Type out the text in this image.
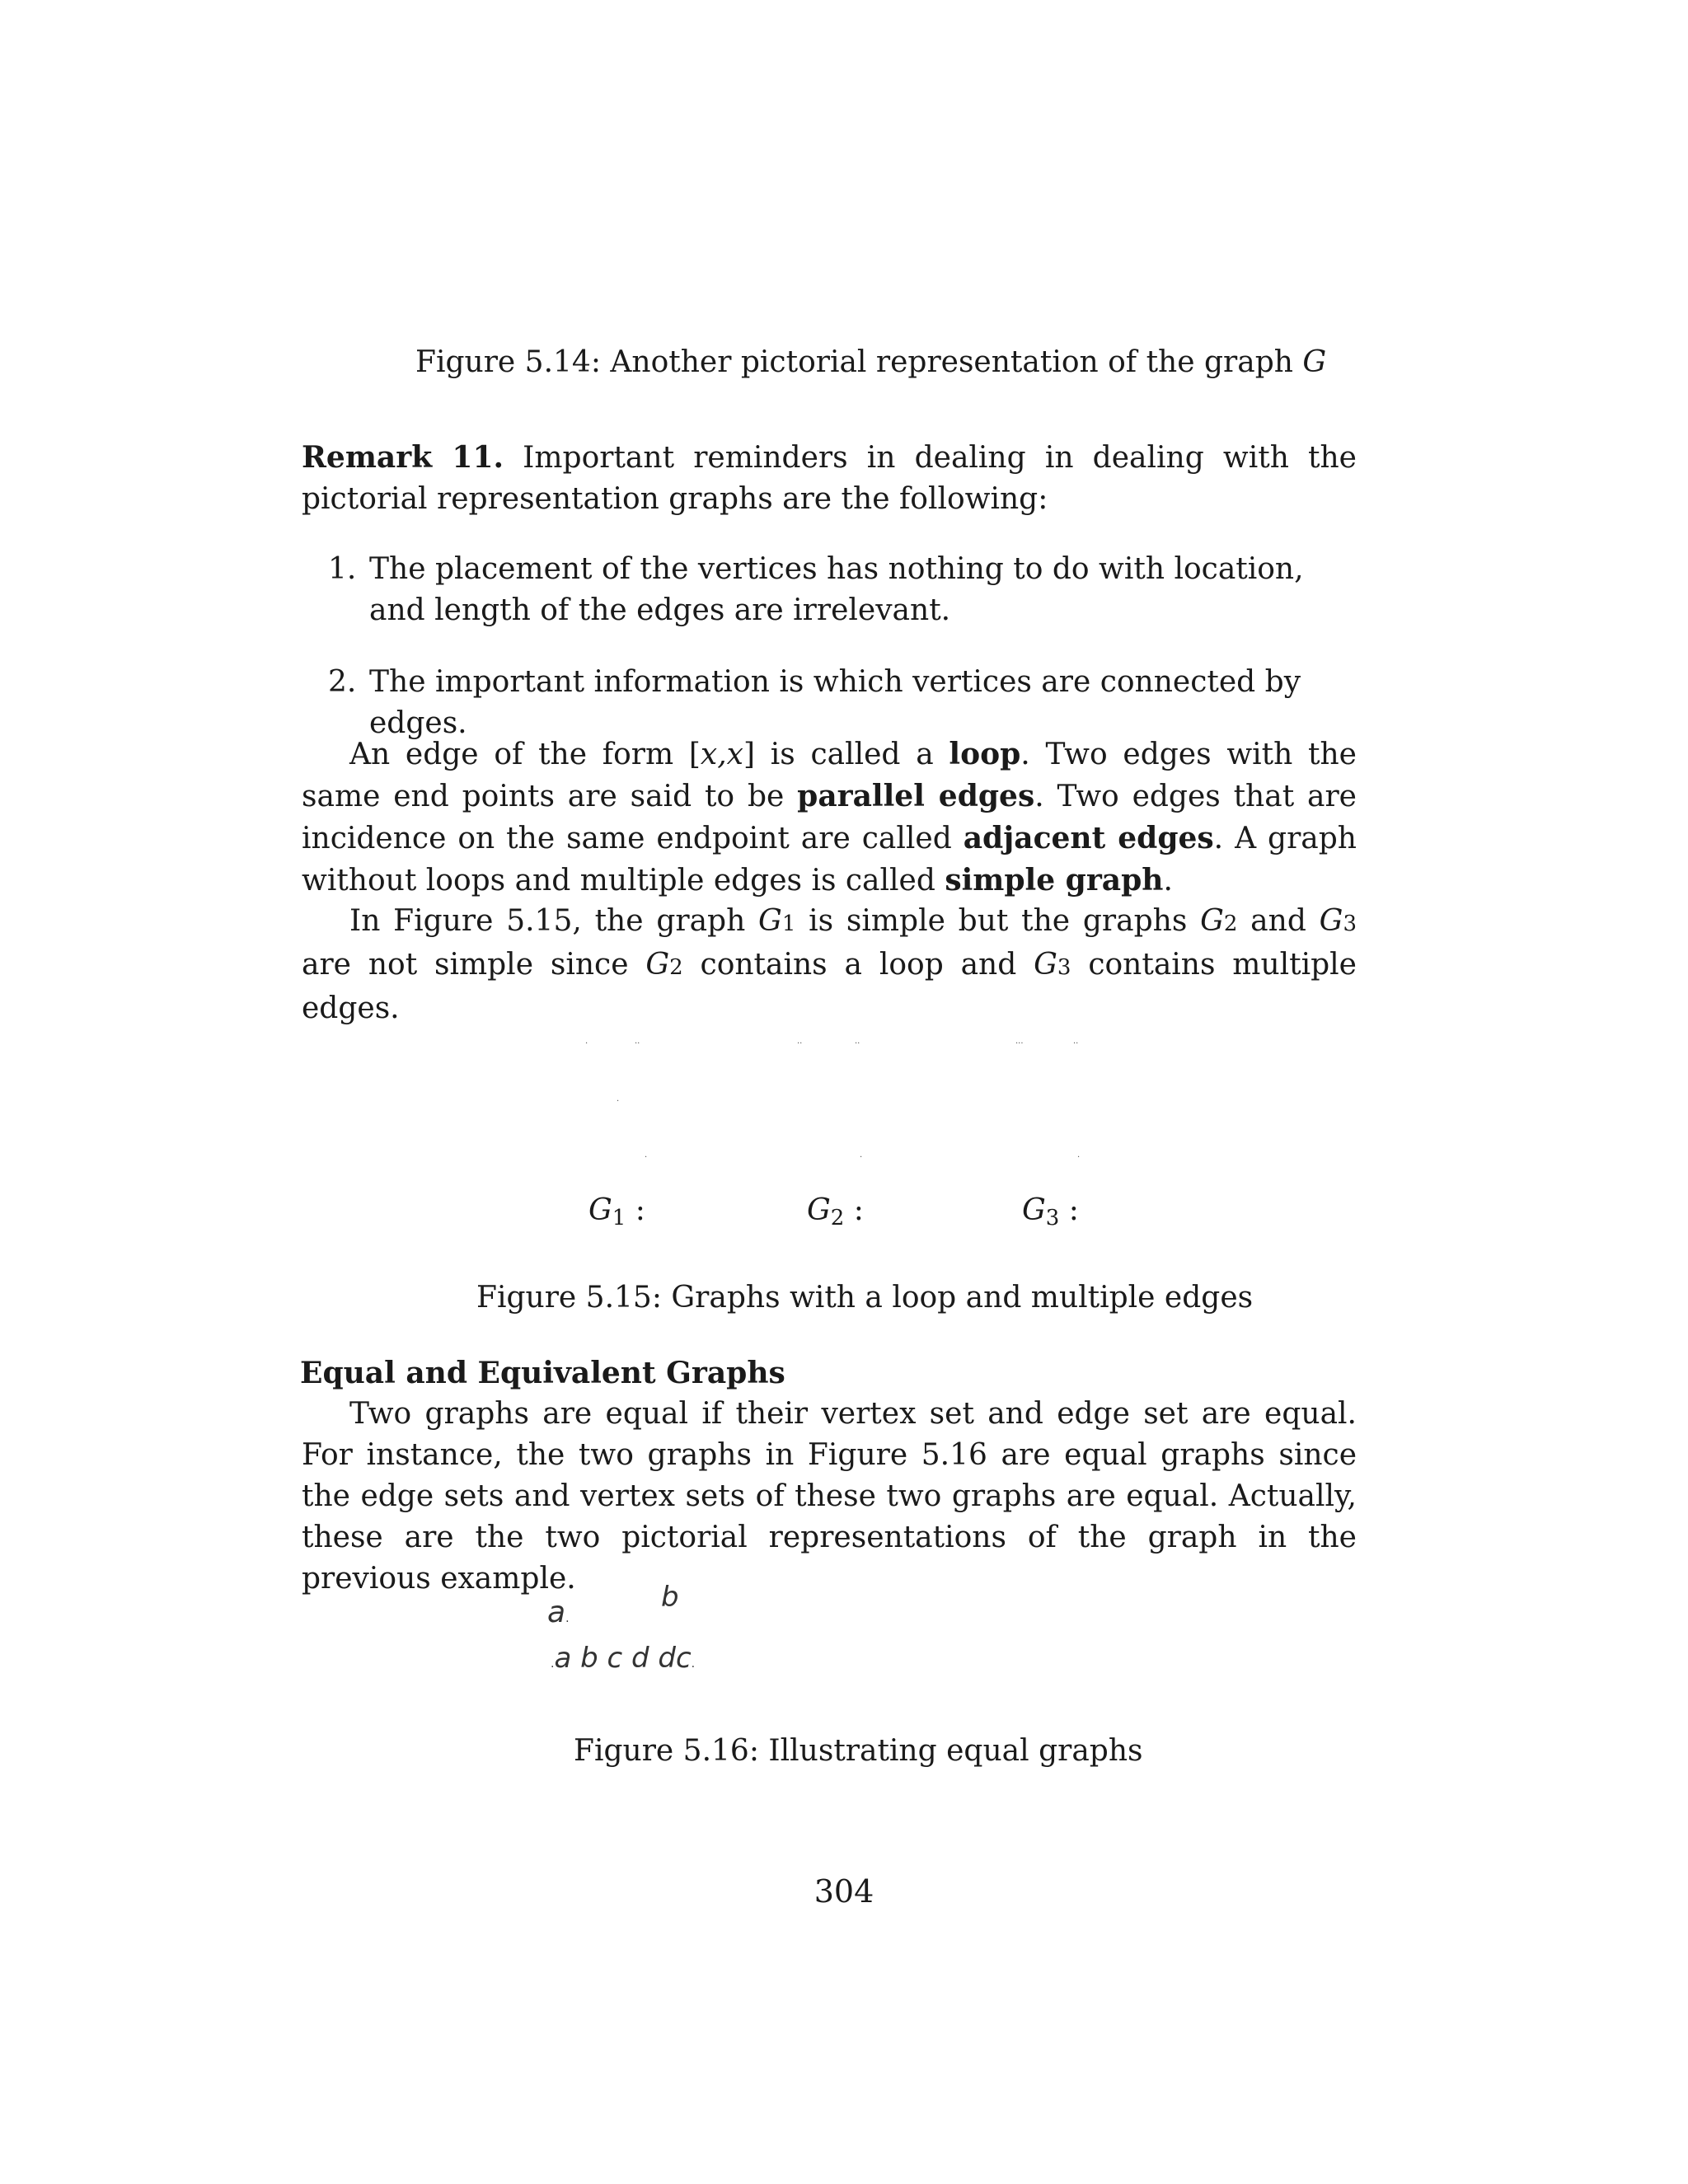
Figure 5.14: Another pictorial representation of the graph G
Remark 11. Important reminders in dealing in dealing with the pictorial representation graphs are the following:
1. The placement of the vertices has nothing to do with location, and length of the edges are irrelevant.
2. The important information is which vertices are connected by edges.
An edge of the form [x,x] is called a loop. Two edges with the same end points are said to be parallel edges. Two edges that are incidence on the same endpoint are called adjacent edges. A graph without loops and multiple edges is called simple graph.
In Figure 5.15, the graph G1 is simple but the graphs G2 and G3 are not simple since G2 contains a loop and G3 contains multiple edges.
·	··	··	··	···	··
·
·	·	·
$G_1$ :	$G_2$ :	$G_3$ :
Figure 5.15: Graphs with a loop and multiple edges
Equal and Equivalent Graphs
Two graphs are equal if their vertex set and edge set are equal. For instance, the two graphs in Figure 5.16 are equal graphs since the edge sets and vertex sets of these two graphs are equal. Actually, these are the two pictorial representations of the graph in the previous example.
a.
b
.a b c d dc.
Figure 5.16: Illustrating equal graphs
304
